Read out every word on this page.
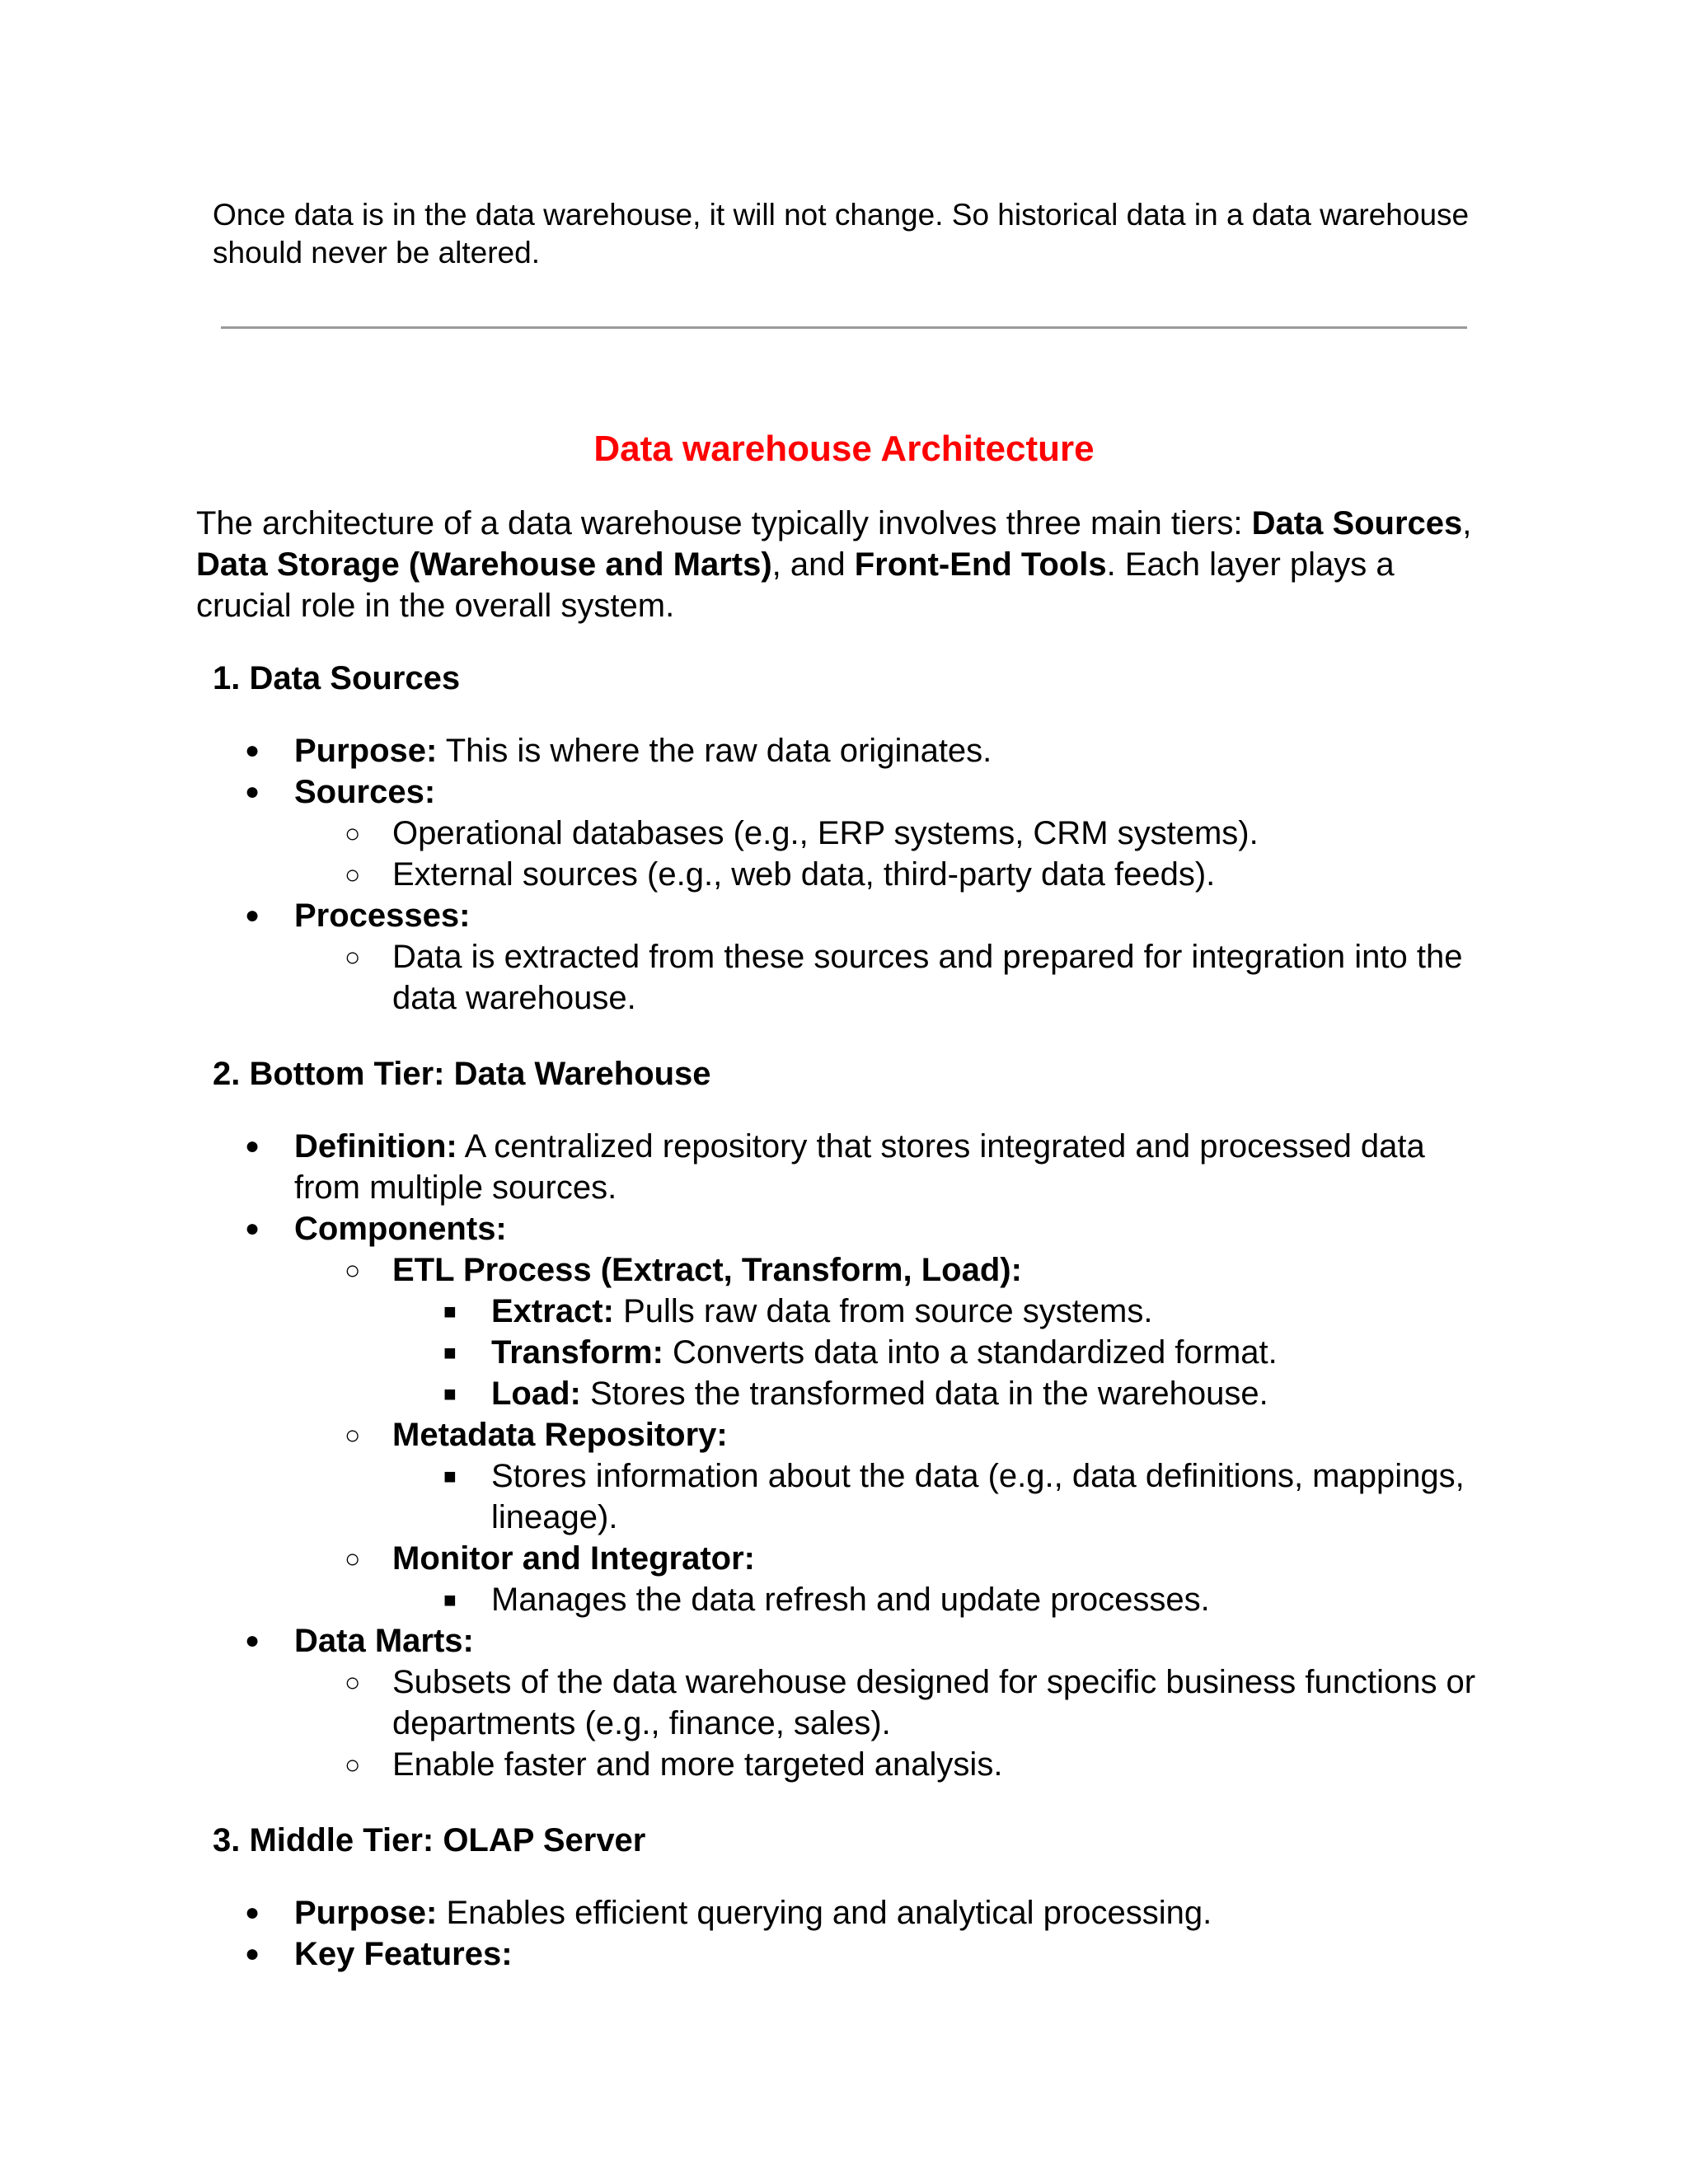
Once data is in the data warehouse, it will not change. So historical data in a data warehouse should never be altered.
Data warehouse Architecture
The architecture of a data warehouse typically involves three main tiers: Data Sources, Data Storage (Warehouse and Marts), and Front-End Tools. Each layer plays a crucial role in the overall system.
1. Data Sources
●	Purpose: This is where the raw data originates.
●	Sources:
○ Operational databases (e.g., ERP systems, CRM systems).
○ External sources (e.g., web data, third-party data feeds).
●	Processes:
○ Data is extracted from these sources and prepared for integration into the data warehouse.
2. Bottom Tier: Data Warehouse
●	Definition: A centralized repository that stores integrated and processed data from multiple sources.
●	Components:
○ ETL Process (Extract, Transform, Load):
■	Extract: Pulls raw data from source systems.
■	Transform: Converts data into a standardized format.
■	Load: Stores the transformed data in the warehouse.
○ Metadata Repository:
■	Stores information about the data (e.g., data definitions, mappings, lineage).
○ Monitor and Integrator:
■	Manages the data refresh and update processes.
●	Data Marts:
○ Subsets of the data warehouse designed for specific business functions or departments (e.g., finance, sales).
○ Enable faster and more targeted analysis.
3. Middle Tier: OLAP Server
●	Purpose: Enables efficient querying and analytical processing.
●	Key Features:
